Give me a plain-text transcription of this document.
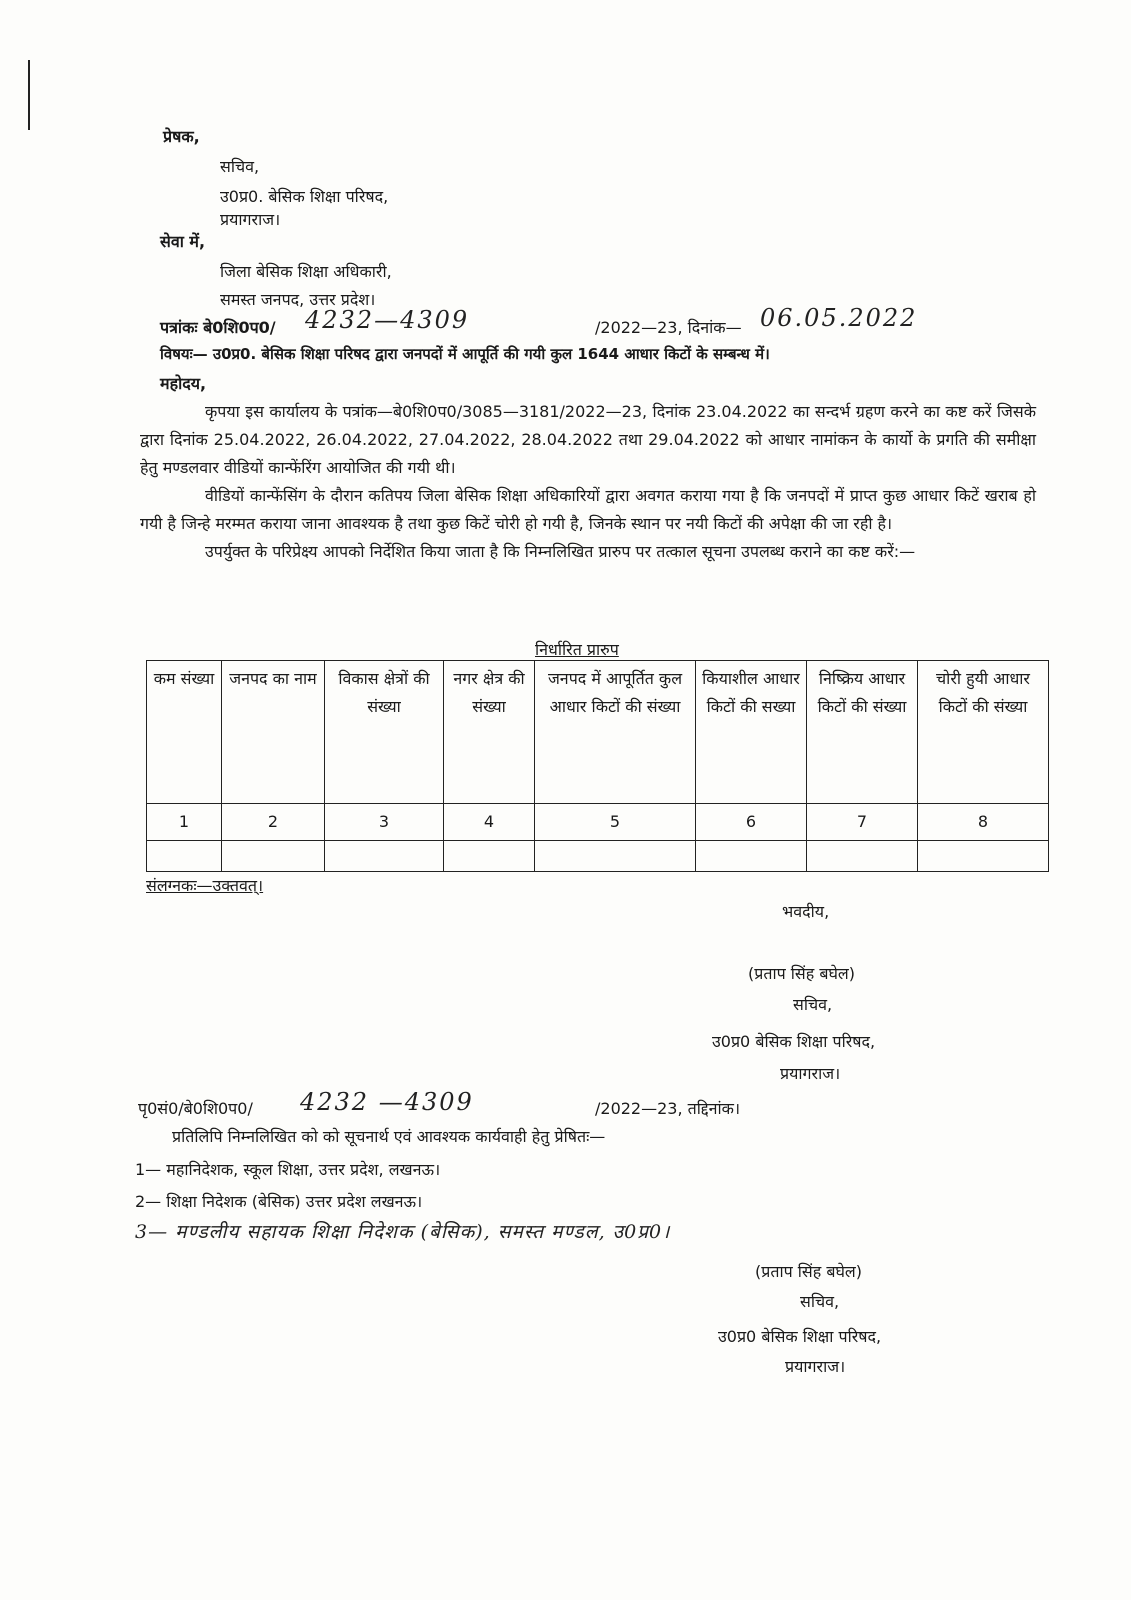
प्रेषक,
सचिव,
उ0प्र0. बेसिक शिक्षा परिषद,
प्रयागराज।
सेवा में,
जिला बेसिक शिक्षा अधिकारी,
समस्त जनपद, उत्तर प्रदेश।
पत्रांकः बे0शि0प0/ 4232—4309	/2022—23, दिनांक— 06.05.2022
विषयः— उ0प्र0. बेसिक शिक्षा परिषद द्वारा जनपदों में आपूर्ति की गयी कुल 1644 आधार किटों के सम्बन्ध में।
महोदय,

कृपया इस कार्यालय के पत्रांक—बे0शि0प0/3085—3181/2022—23, दिनांक 23.04.2022 का सन्दर्भ ग्रहण करने का कष्ट करें जिसके द्वारा दिनांक 25.04.2022, 26.04.2022, 27.04.2022, 28.04.2022 तथा 29.04.2022 को आधार नामांकन के कार्यो के प्रगति की समीक्षा हेतु मण्डलवार वीडियों कान्फेंरिंग आयोजित की गयी थी।

वीडियों कान्फेंसिंग के दौरान कतिपय जिला बेसिक शिक्षा अधिकारियों द्वारा अवगत कराया गया है कि जनपदों में प्राप्त कुछ आधार किटें खराब हो गयी है जिन्हे मरम्मत कराया जाना आवश्यक है तथा कुछ किटें चोरी हो गयी है, जिनके स्थान पर नयी किटों की अपेक्षा की जा रही है।

उपर्युक्त के परिप्रेक्ष्य आपको निर्देशित किया जाता है कि निम्नलिखित प्रारुप पर तत्काल सूचना उपलब्ध कराने का कष्ट करें:—

निर्धारित प्रारुप
कम संख्या	जनपद का नाम	विकास क्षेत्रों की संख्या	नगर क्षेत्र की संख्या	जनपद में आपूर्तित कुल आधार किटों की संख्या	कियाशील आधार किटों की सख्या	निष्क्रिय आधार किटों की संख्या	चोरी हुयी आधार किटों की संख्या
1	2	3	4	5	6	7	8

संलग्नकः—उक्तवत्।
भवदीय,
(प्रताप सिंह बघेल)
सचिव,
उ0प्र0 बेसिक शिक्षा परिषद,
प्रयागराज।
पृ0सं0/बे0शि0प0/ 4232 —4309	/2022—23, तद्दिनांक।
प्रतिलिपि निम्नलिखित को को सूचनार्थ एवं आवश्यक कार्यवाही हेतु प्रेषितः—
1— महानिदेशक, स्कूल शिक्षा, उत्तर प्रदेश, लखनऊ।
2— शिक्षा निदेशक (बेसिक) उत्तर प्रदेश लखनऊ।
3— मण्डलीय सहायक शिक्षा निदेशक (बेसिक), समस्त मण्डल, उ0प्र0।
(प्रताप सिंह बघेल)
सचिव,
उ0प्र0 बेसिक शिक्षा परिषद,
प्रयागराज।
